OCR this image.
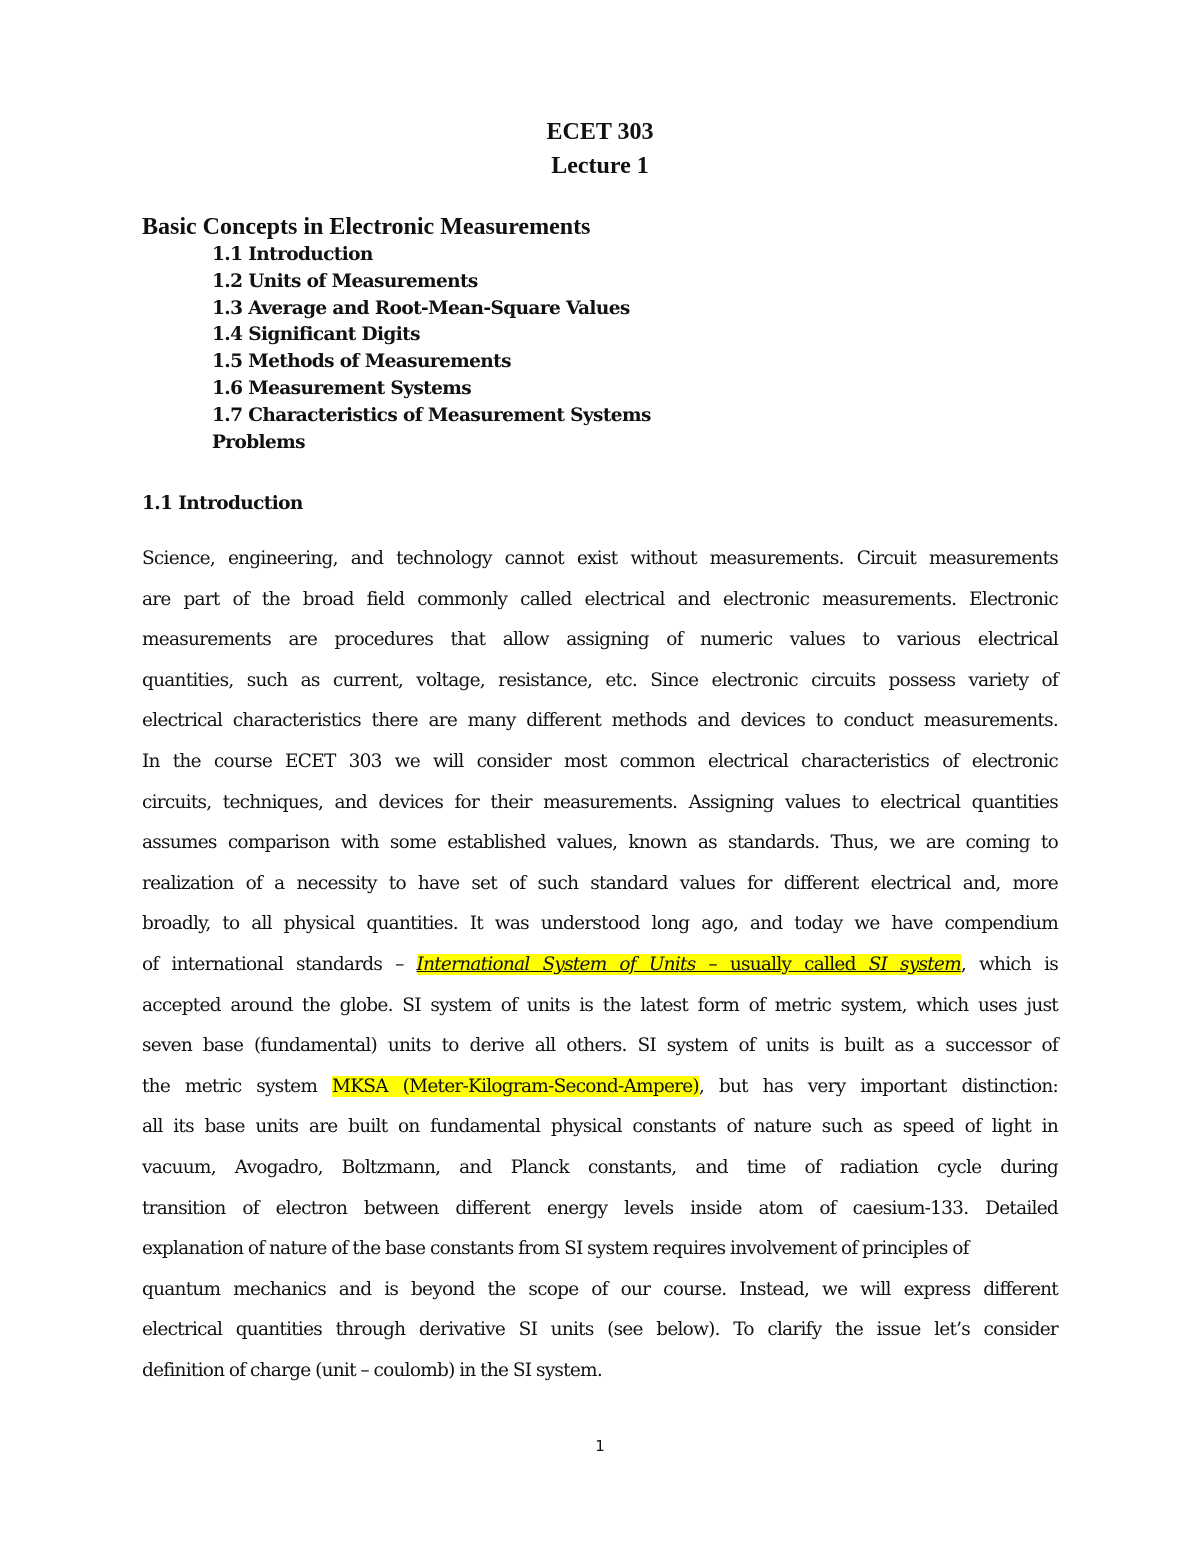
ECET 303
Lecture 1
Basic Concepts in Electronic Measurements
1.1 Introduction
1.2 Units of Measurements
1.3 Average and Root-Mean-Square Values
1.4 Significant Digits
1.5 Methods of Measurements
1.6 Measurement Systems
1.7 Characteristics of Measurement Systems
Problems
1.1 Introduction
Science, engineering, and technology cannot exist without measurements. Circuit measurements
are part of the broad field commonly called electrical and electronic measurements. Electronic
measurements are procedures that allow assigning of numeric values to various electrical
quantities, such as current, voltage, resistance, etc. Since electronic circuits possess variety of
electrical characteristics there are many different methods and devices to conduct measurements.
In the course ECET 303 we will consider most common electrical characteristics of electronic
circuits, techniques, and devices for their measurements. Assigning values to electrical quantities
assumes comparison with some established values, known as standards. Thus, we are coming to
realization of a necessity to have set of such standard values for different electrical and, more
broadly, to all physical quantities. It was understood long ago, and today we have compendium
of international standards – International System of Units – usually called SI system, which is
accepted around the globe. SI system of units is the latest form of metric system, which uses just
seven base (fundamental) units to derive all others. SI system of units is built as a successor of
the metric system MKSA (Meter-Kilogram-Second-Ampere), but has very important distinction:
all its base units are built on fundamental physical constants of nature such as speed of light in
vacuum, Avogadro, Boltzmann, and Planck constants, and time of radiation cycle during
transition of electron between different energy levels inside atom of caesium-133. Detailed
explanation of nature of the base constants from SI system requires involvement of principles of
quantum mechanics and is beyond the scope of our course. Instead, we will express different
electrical quantities through derivative SI units (see below). To clarify the issue let’s consider
definition of charge (unit – coulomb) in the SI system.
1
